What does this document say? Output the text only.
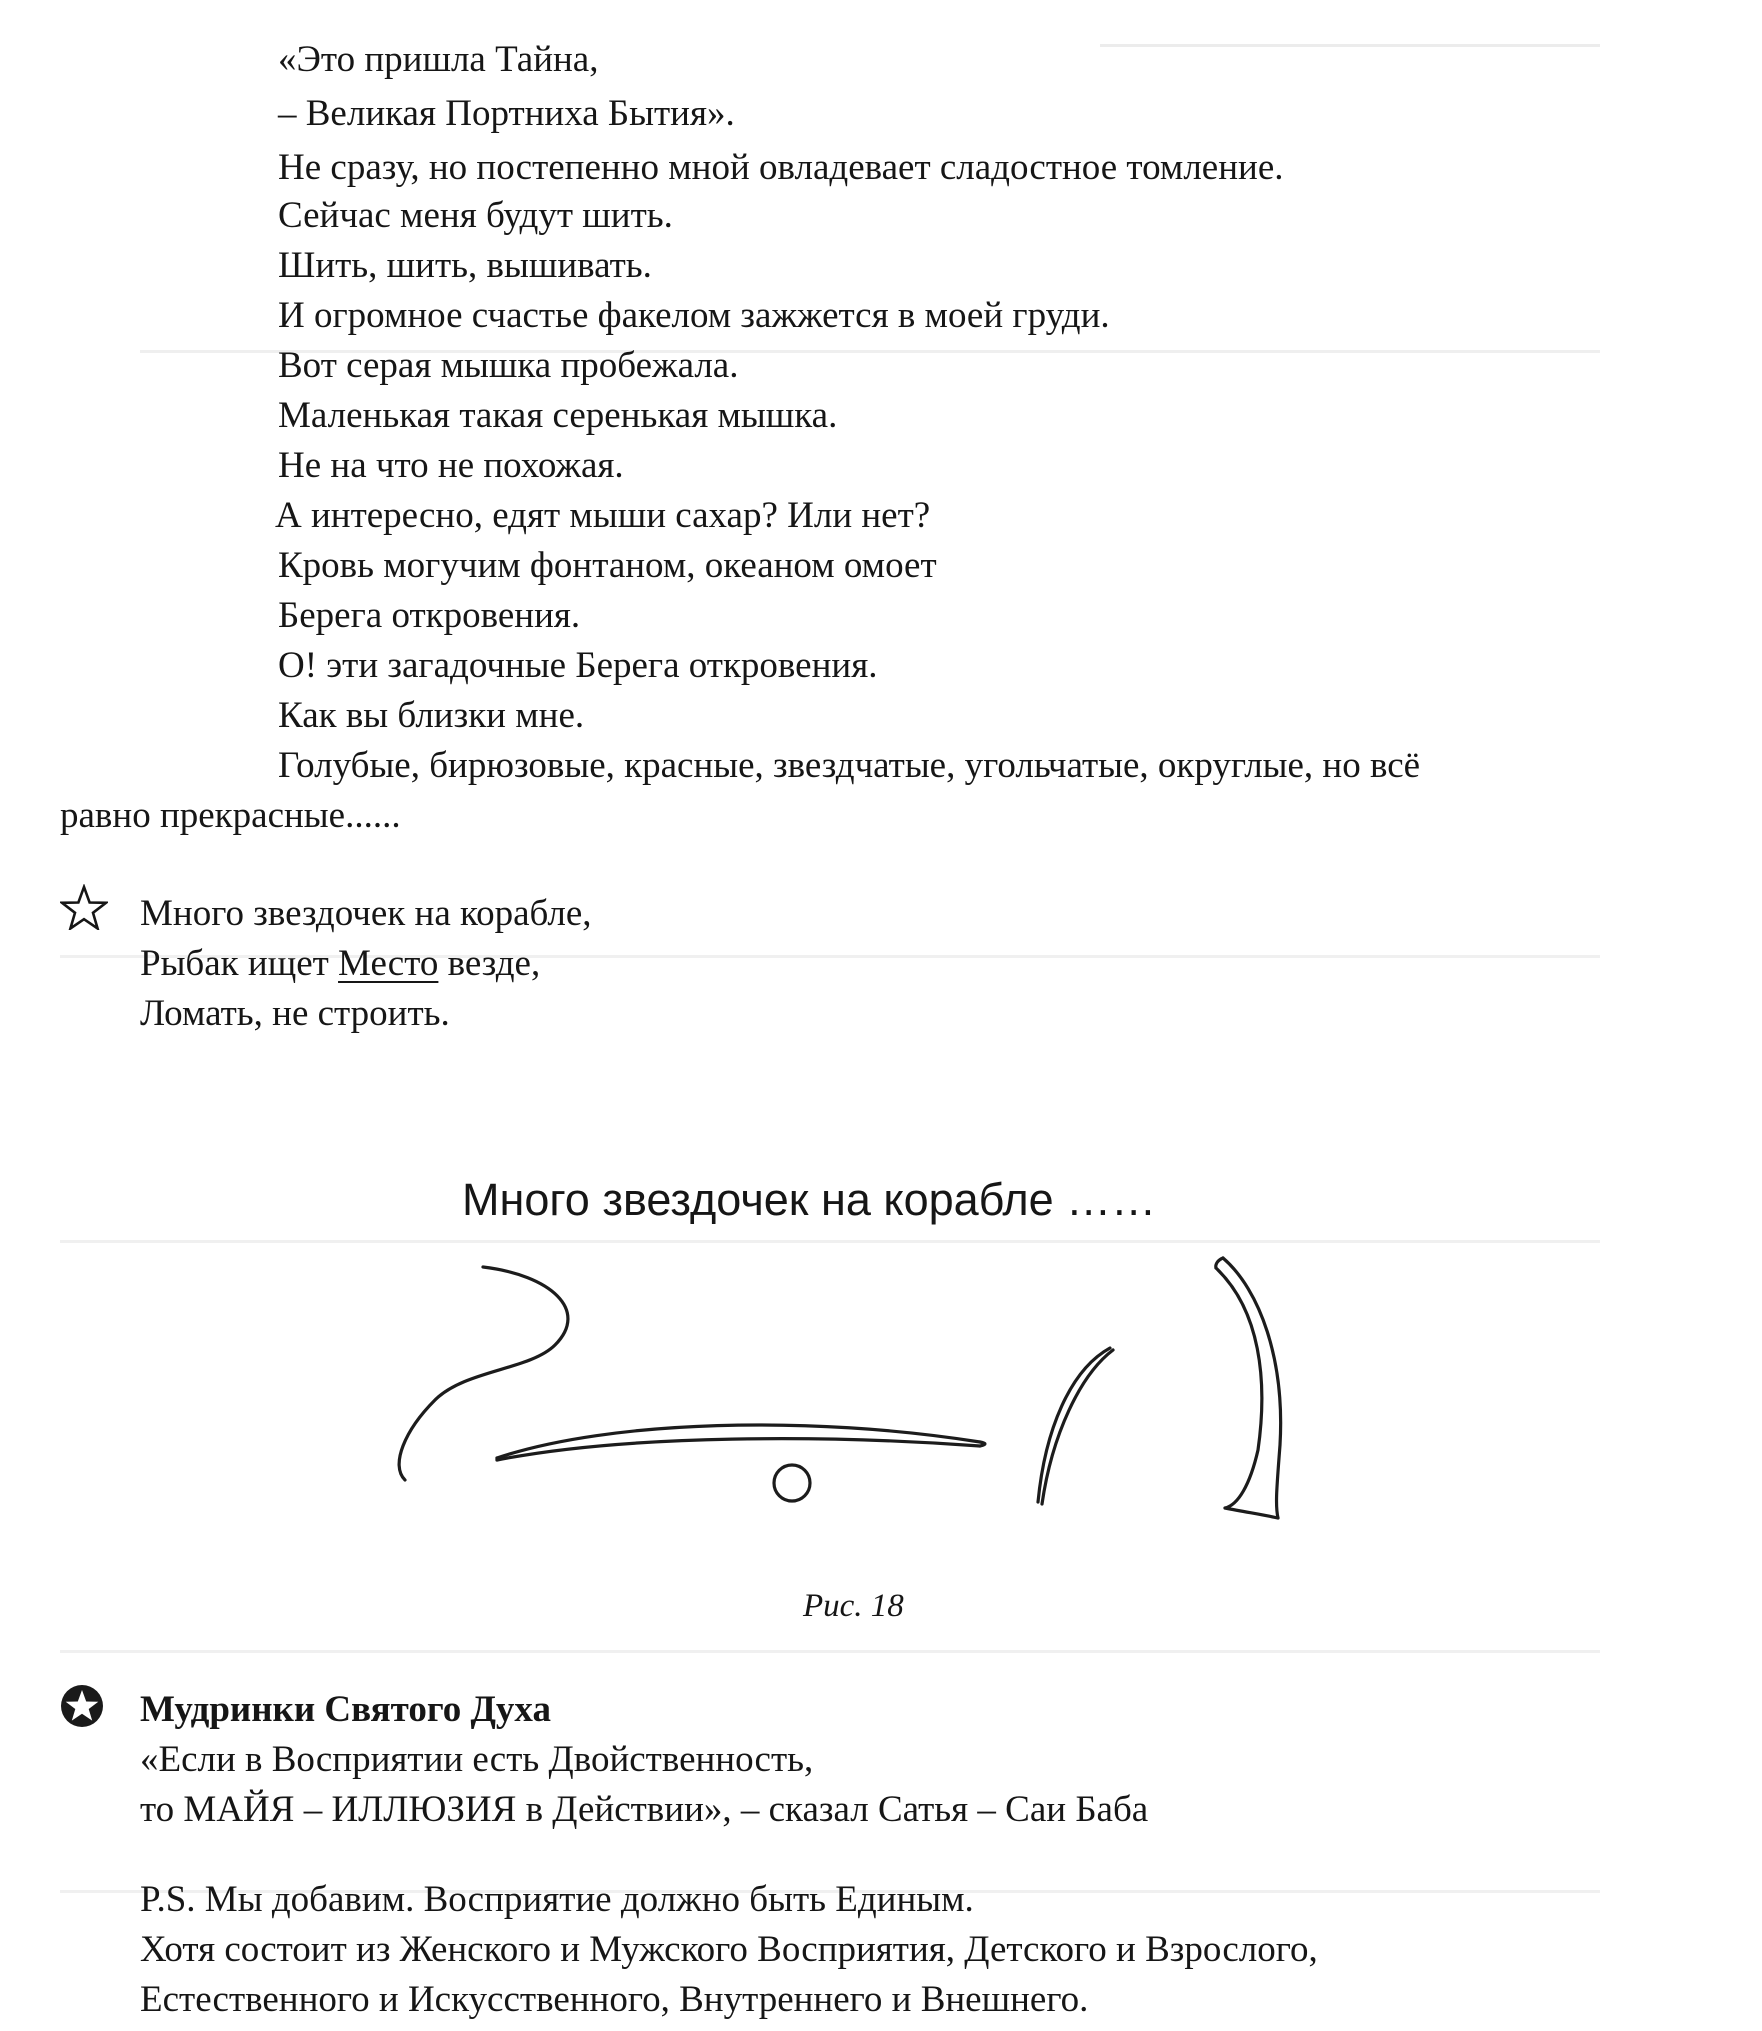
«Это пришла Тайна,
– Великая Портниха Бытия».
Не сразу, но постепенно мной овладевает сладостное томление.
Сейчас меня будут шить.
Шить, шить, вышивать.
И огромное счастье факелом зажжется в моей груди.
Вот серая мышка пробежала.
Маленькая такая серенькая мышка.
Не на что не похожая.
А интересно, едят мыши сахар? Или нет?
Кровь могучим фонтаном, океаном омоет
Берега откровения.
О! эти загадочные Берега откровения.
Как вы близки мне.
Голубые, бирюзовые, красные, звездчатые, угольчатые, округлые, но всё
равно прекрасные......
Много звездочек на корабле,
Рыбак ищет Место везде,
Ломать, не строить.
Много звездочек на корабле ……
Рис. 18
Мудринки Святого Духа
«Если в Восприятии есть Двойственность,
то МАЙЯ – ИЛЛЮЗИЯ в Действии», – сказал Сатья – Саи Баба
P.S. Мы добавим. Восприятие должно быть Единым.
Хотя состоит из Женского и Мужского Восприятия, Детского и Взрослого,
Естественного и Искусственного, Внутреннего и Внешнего.
